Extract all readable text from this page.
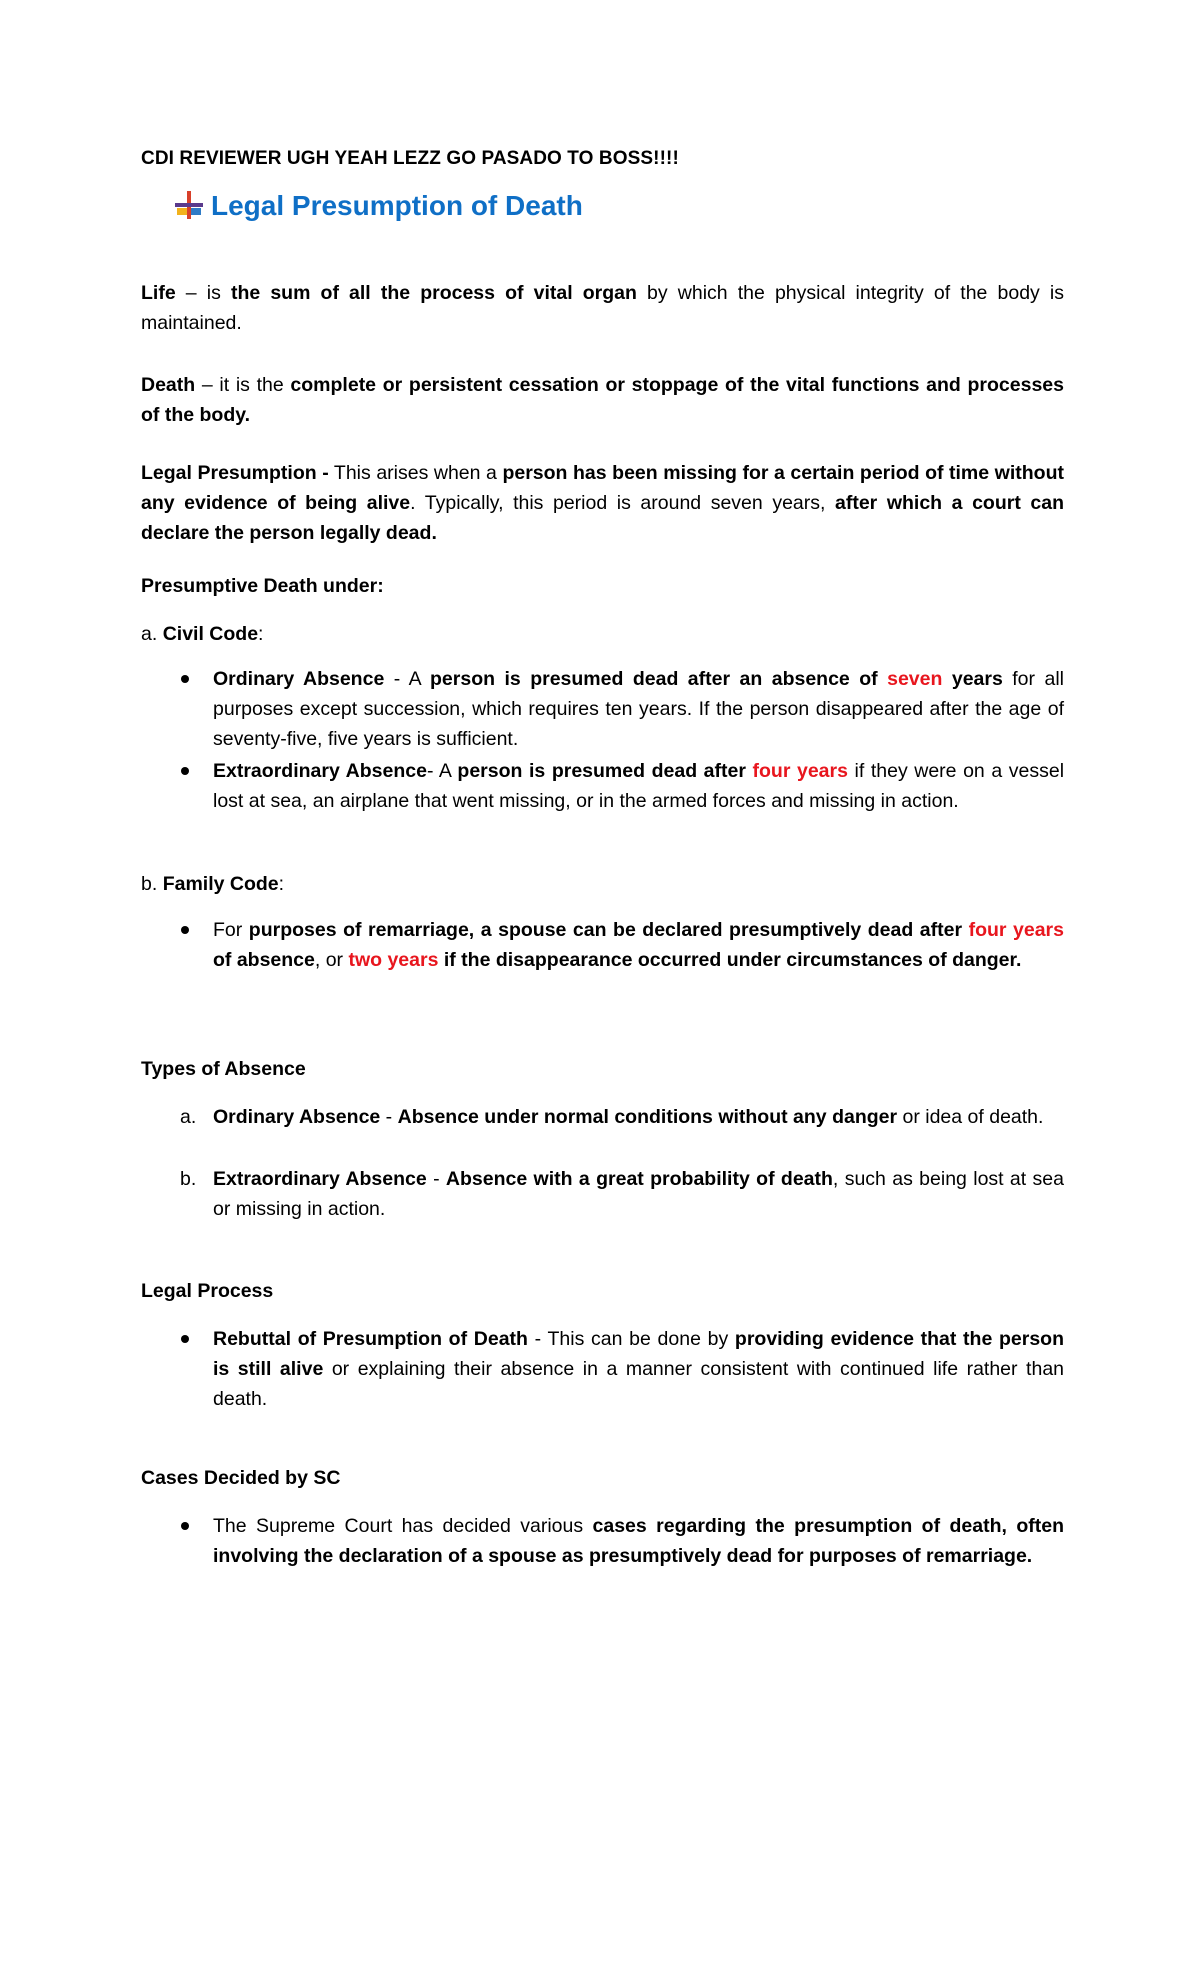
CDI REVIEWER UGH YEAH LEZZ GO PASADO TO BOSS!!!!
Legal Presumption of Death
Life – is the sum of all the process of vital organ by which the physical integrity of the body is maintained.
Death – it is the complete or persistent cessation or stoppage of the vital functions and processes of the body.
Legal Presumption - This arises when a person has been missing for a certain period of time without any evidence of being alive. Typically, this period is around seven years, after which a court can declare the person legally dead.
Presumptive Death under:
a. Civil Code:
Ordinary Absence - A person is presumed dead after an absence of seven years for all purposes except succession, which requires ten years. If the person disappeared after the age of seventy-five, five years is sufficient.
Extraordinary Absence- A person is presumed dead after four years if they were on a vessel lost at sea, an airplane that went missing, or in the armed forces and missing in action.
b. Family Code:
For purposes of remarriage, a spouse can be declared presumptively dead after four years of absence, or two years if the disappearance occurred under circumstances of danger.
Types of Absence
a. Ordinary Absence - Absence under normal conditions without any danger or idea of death.
b. Extraordinary Absence - Absence with a great probability of death, such as being lost at sea or missing in action.
Legal Process
Rebuttal of Presumption of Death - This can be done by providing evidence that the person is still alive or explaining their absence in a manner consistent with continued life rather than death.
Cases Decided by SC
The Supreme Court has decided various cases regarding the presumption of death, often involving the declaration of a spouse as presumptively dead for purposes of remarriage.
